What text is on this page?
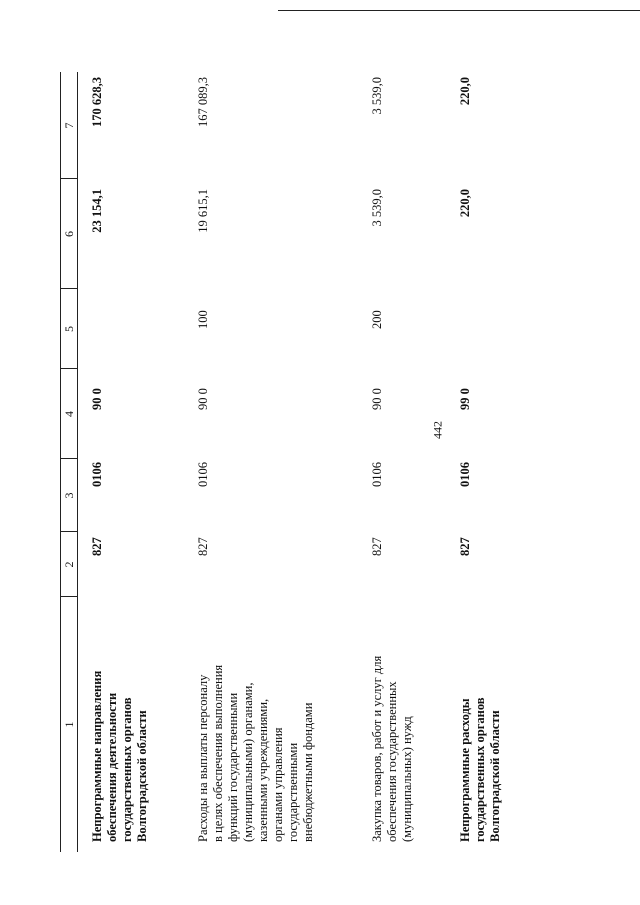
442
1
2
3
4
5
6
7
Непрограммные направления обеспечения деятельности государственных органов Волгоградской области
827
0106
90 0
23 154,1
170 628,3
Расходы на выплаты персоналу в целях обеспечения выполнения функций государственными (муниципальными) органами, казенными учреждениями, органами управления государственными внебюджетными фондами
827
0106
90 0
100
19 615,1
167 089,3
Закупка товаров, работ и услуг для обеспечения государственных (муниципальных) нужд
827
0106
90 0
200
3 539,0
3 539,0
Непрограммные расходы государственных органов Волгоградской области
827
0106
99 0
220,0
220,0
